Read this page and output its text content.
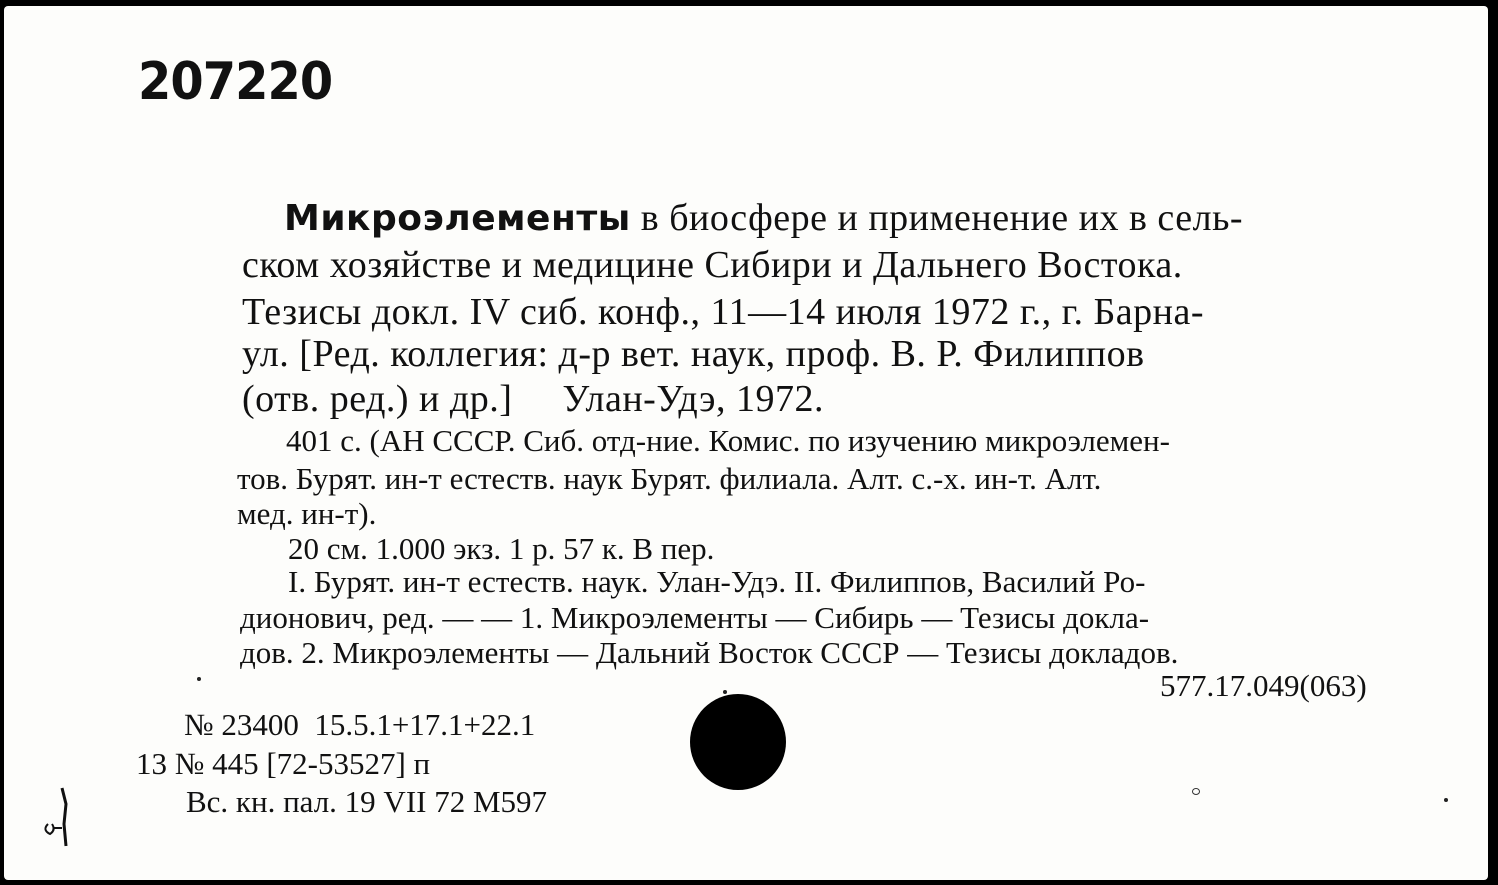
207220
Микроэлементы в биосфере и применение их в сель-
ском хозяйстве и медицине Сибири и Дальнего Востока.
Тезисы докл. IV сиб. конф., 11—14 июля 1972 г., г. Барна-
ул. [Ред. коллегия: д-р вет. наук, проф. В. Р. Филиппов
(отв. ред.) и др.]     Улан-Удэ, 1972.
401 с. (АН СССР. Сиб. отд-ние. Комис. по изучению микроэлемен-
тов. Бурят. ин-т естеств. наук Бурят. филиала. Алт. с.-х. ин-т. Алт.
мед. ин-т).
20 см. 1.000 экз. 1 р. 57 к. В пер.
I. Бурят. ин-т естеств. наук. Улан-Удэ. II. Филиппов, Василий Ро-
дионович, ред. — — 1. Микроэлементы — Сибирь — Тезисы доклa-
дов. 2. Микроэлементы — Дальний Восток СССР — Тезисы докладов.
577.17.049(063)
№ 23400  15.5.1+17.1+22.1
13 № 445 [72-53527] п
Вс. кн. пал. 19 VII 72 M597
